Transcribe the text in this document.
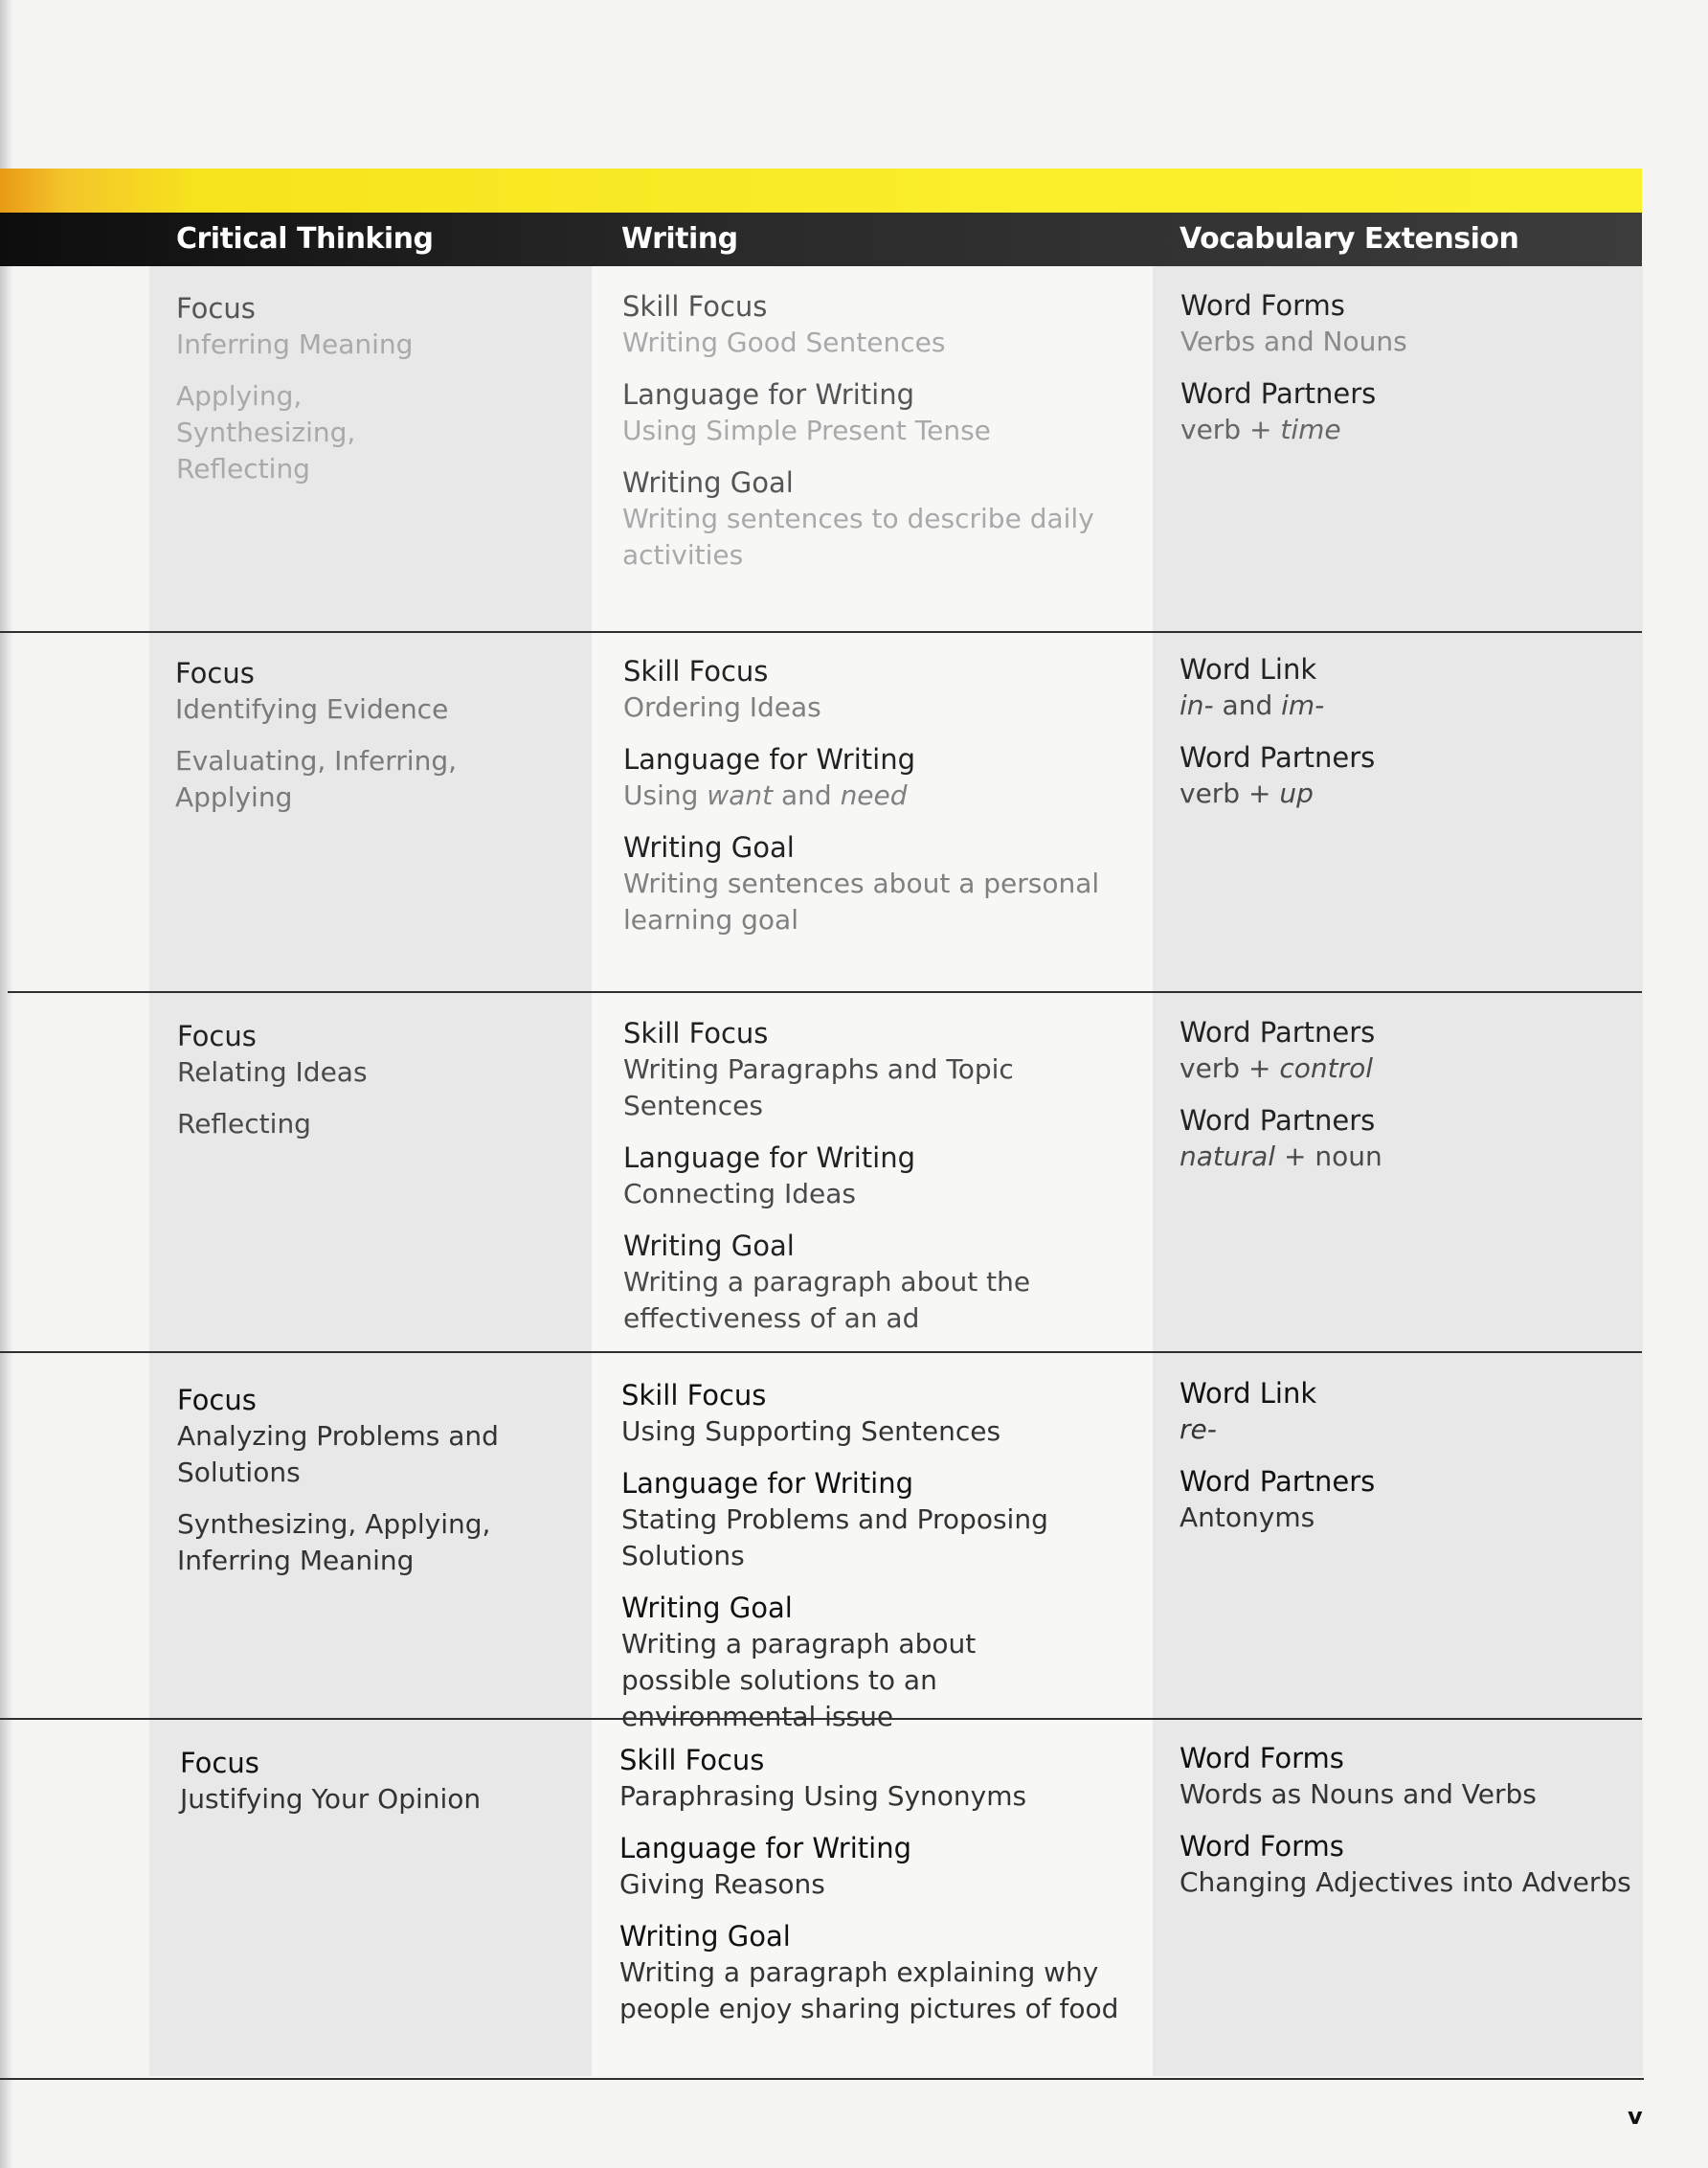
Critical Thinking	Writing	Vocabulary Extension

Focus

Inferring Meaning

Applying, Synthesizing, Reflecting

Skill Focus

Writing Good Sentences

Language for Writing

Using Simple Present Tense

Writing Goal

Writing sentences to describe daily activities

Word Forms

Verbs and Nouns

Word Partners

verb + time

Focus

Identifying Evidence

Evaluating, Inferring, Applying

Skill Focus

Ordering Ideas

Language for Writing

Using want and need

Writing Goal

Writing sentences about a personal learning goal

Word Link

in- and im-

Word Partners

verb + up

Focus

Relating Ideas

Reflecting

Skill Focus

Writing Paragraphs and Topic Sentences

Language for Writing

Connecting Ideas

Writing Goal

Writing a paragraph about the effectiveness of an ad

Word Partners

verb + control

Word Partners

natural + noun

Focus

Analyzing Problems and Solutions

Synthesizing, Applying, Inferring Meaning

Skill Focus

Using Supporting Sentences

Language for Writing

Stating Problems and Proposing Solutions

Writing Goal

Writing a paragraph about possible solutions to an environmental issue

Word Link

re-

Word Partners

Antonyms

Focus

Justifying Your Opinion

Skill Focus

Paraphrasing Using Synonyms

Language for Writing

Giving Reasons

Writing Goal

Writing a paragraph explaining why people enjoy sharing pictures of food

Word Forms

Words as Nouns and Verbs

Word Forms

Changing Adjectives into Adverbs

v
